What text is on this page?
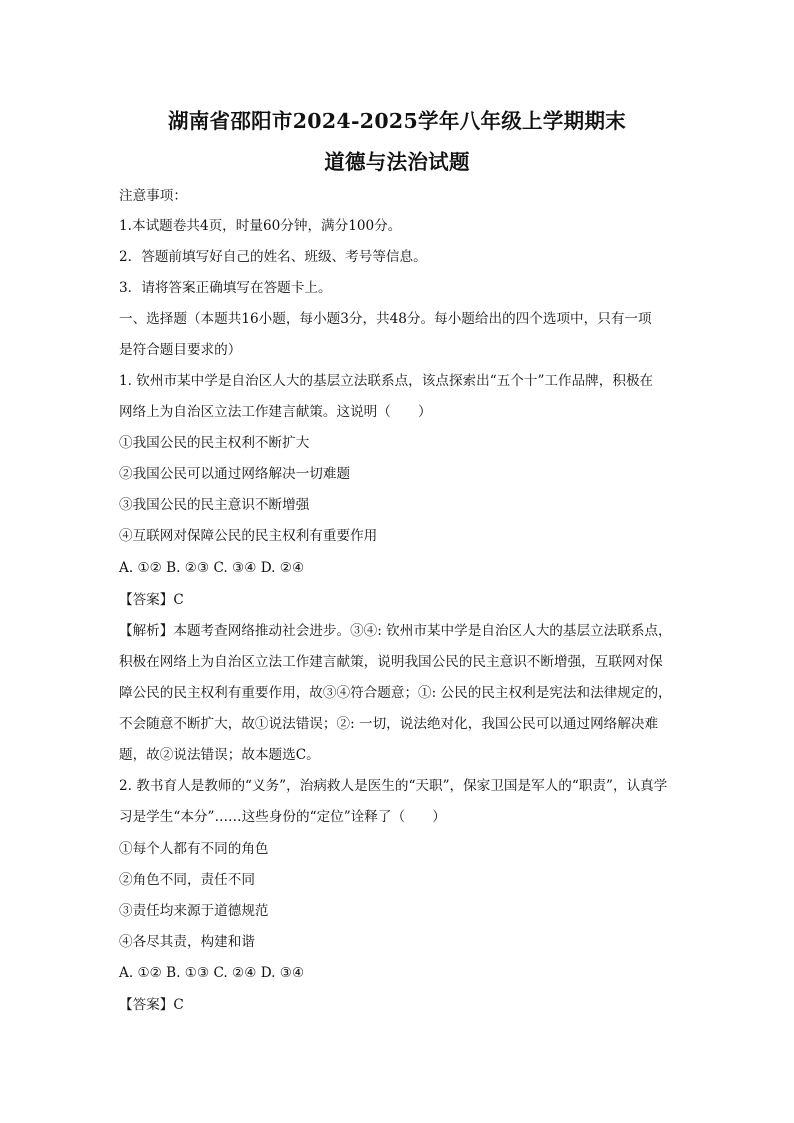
湖南省邵阳市2024-2025学年八年级上学期期末
道德与法治试题
注意事项：
1.本试题卷共4页，时量60分钟，满分100分。
2．答题前填写好自己的姓名、班级、考号等信息。
3．请将答案正确填写在答题卡上。
一、选择题（本题共16小题，每小题3分，共48分。每小题给出的四个选项中，只有一项
是符合题目要求的）
1. 钦州市某中学是自治区人大的基层立法联系点，该点探索出“五个十”工作品牌，积极在
网络上为自治区立法工作建言献策。这说明（　　）
①我国公民的民主权利不断扩大
②我国公民可以通过网络解决一切难题
③我国公民的民主意识不断增强
④互联网对保障公民的民主权利有重要作用
A. ①② B. ②③ C. ③④ D. ②④
【答案】C
【解析】本题考查网络推动社会进步。③④: 钦州市某中学是自治区人大的基层立法联系点，
积极在网络上为自治区立法工作建言献策，说明我国公民的民主意识不断增强，互联网对保
障公民的民主权利有重要作用，故③④符合题意；①: 公民的民主权利是宪法和法律规定的，
不会随意不断扩大，故①说法错误；②: 一切，说法绝对化，我国公民可以通过网络解决难
题，故②说法错误；故本题选C。
2. 教书育人是教师的“义务”，治病救人是医生的“天职”，保家卫国是军人的“职责”，认真学
习是学生“本分”……这些身份的“定位”诠释了（　　）
①每个人都有不同的角色
②角色不同，责任不同
③责任均来源于道德规范
④各尽其责，构建和谐
A. ①② B. ①③ C. ②④ D. ③④
【答案】C
